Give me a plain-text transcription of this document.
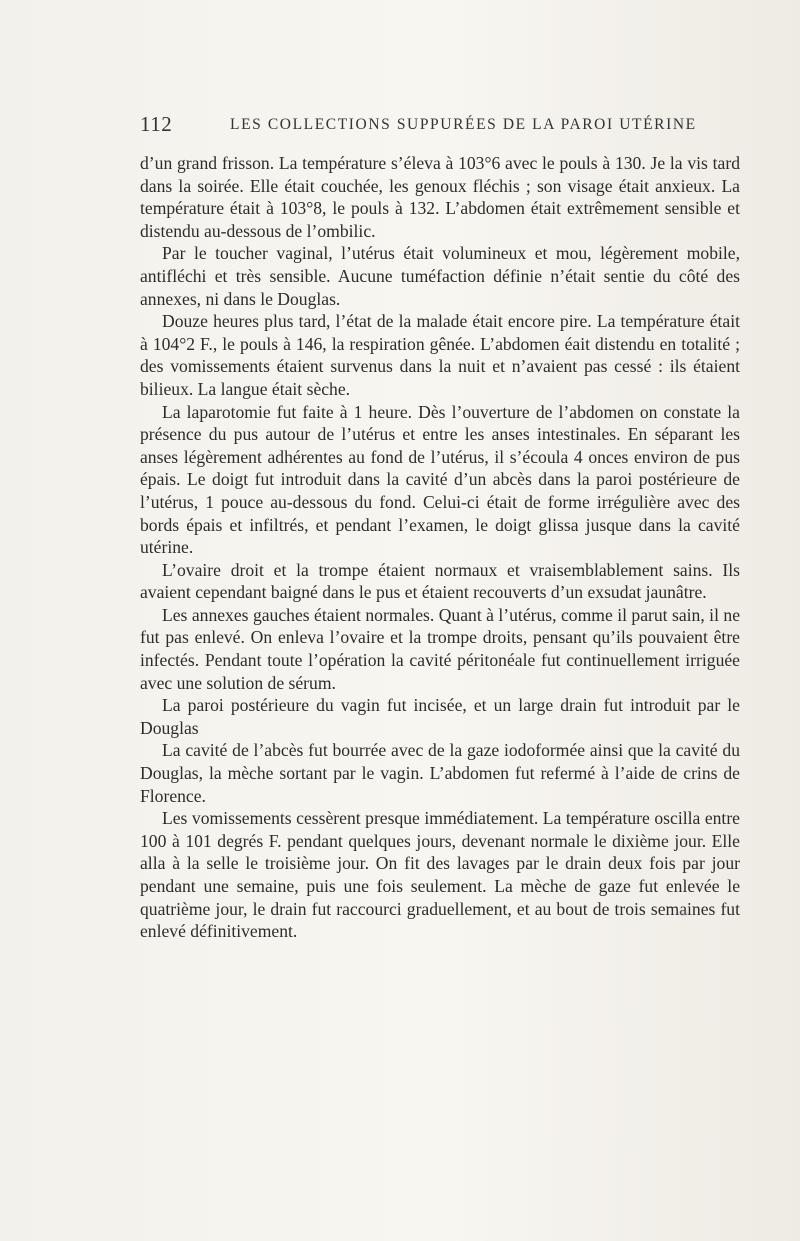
112	LES COLLECTIONS SUPPURÉES DE LA PAROI UTÉRINE

d’un grand frisson. La température s’éleva à 103°6 avec le pouls à 130. Je la vis tard dans la soirée. Elle était couchée, les genoux fléchis ; son visage était anxieux. La température était à 103°8, le pouls à 132. L’abdomen était extrêmement sensible et distendu au-dessous de l’ombilic.

Par le toucher vaginal, l’utérus était volumineux et mou, légèrement mobile, antifléchi et très sensible. Aucune tuméfaction définie n’était sentie du côté des annexes, ni dans le Douglas.

Douze heures plus tard, l’état de la malade était encore pire. La température était à 104°2 F., le pouls à 146, la respiration gênée. L’abdomen éait distendu en totalité ; des vomissements étaient survenus dans la nuit et n’avaient pas cessé : ils étaient bilieux. La langue était sèche.

La laparotomie fut faite à 1 heure. Dès l’ouverture de l’abdomen on constate la présence du pus autour de l’utérus et entre les anses intestinales. En séparant les anses légèrement adhérentes au fond de l’utérus, il s’écoula 4 onces environ de pus épais. Le doigt fut introduit dans la cavité d’un abcès dans la paroi postérieure de l’utérus, 1 pouce au-dessous du fond. Celui-ci était de forme irrégulière avec des bords épais et infiltrés, et pendant l’examen, le doigt glissa jusque dans la cavité utérine.

L’ovaire droit et la trompe étaient normaux et vraisemblablement sains. Ils avaient cependant baigné dans le pus et étaient recouverts d’un exsudat jaunâtre.

Les annexes gauches étaient normales. Quant à l’utérus, comme il parut sain, il ne fut pas enlevé. On enleva l’ovaire et la trompe droits, pensant qu’ils pouvaient être infectés. Pendant toute l’opération la cavité péritonéale fut continuellement irriguée avec une solution de sérum.

La paroi postérieure du vagin fut incisée, et un large drain fut introduit par le Douglas

La cavité de l’abcès fut bourrée avec de la gaze iodoformée ainsi que la cavité du Douglas, la mèche sortant par le vagin. L’abdomen fut refermé à l’aide de crins de Florence.

Les vomissements cessèrent presque immédiatement. La température oscilla entre 100 à 101 degrés F. pendant quelques jours, devenant normale le dixième jour. Elle alla à la selle le troisième jour. On fit des lavages par le drain deux fois par jour pendant une semaine, puis une fois seulement. La mèche de gaze fut enlevée le quatrième jour, le drain fut raccourci graduellement, et au bout de trois semaines fut enlevé définitivement.
